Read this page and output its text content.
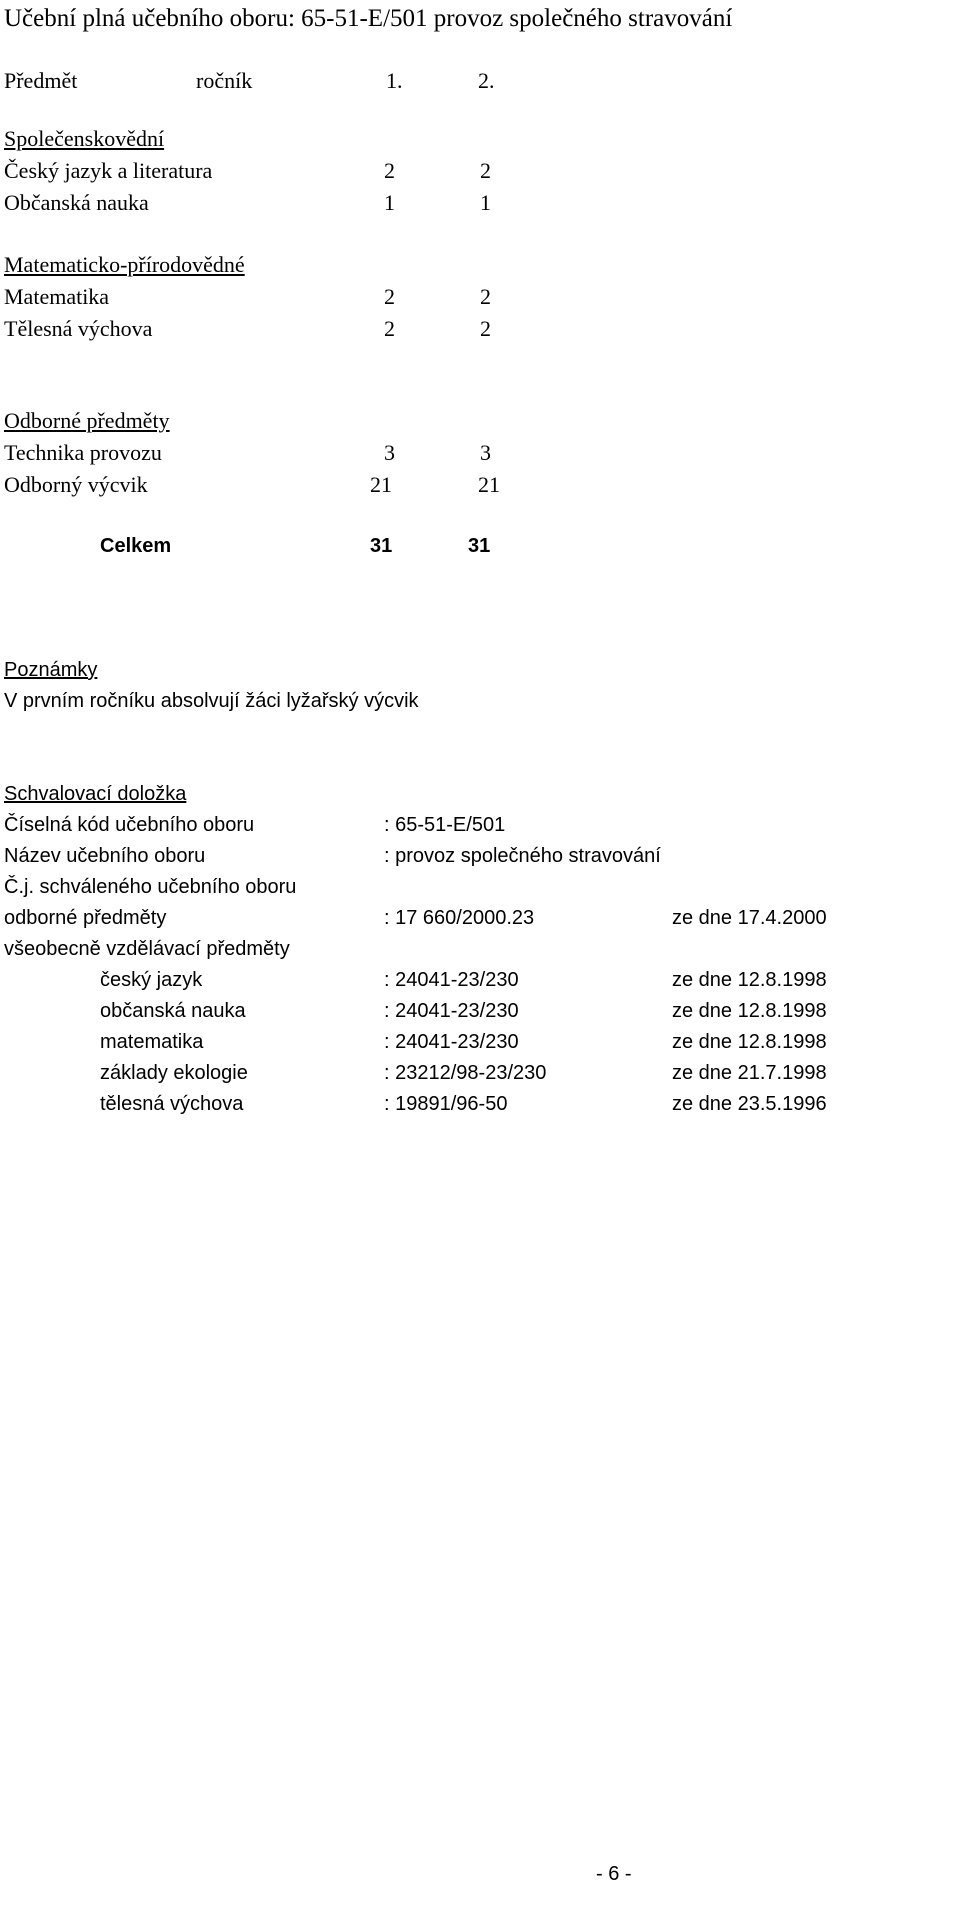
Učební plná učebního oboru: 65-51-E/501 provoz společného stravování
Předmět	ročník	1.	2.
Společenskovědní
Český jazyk a literatura	2	2
Občanská nauka	1	1
Matematicko-přírodovědné
Matematika	2	2
Tělesná výchova	2	2
Odborné předměty
Technika provozu	3	3
Odborný výcvik	21	21
Celkem	31	31
Poznámky
V prvním ročníku absolvují žáci lyžařský výcvik
Schvalovací doložka
Číselná kód učebního oboru	: 65-51-E/501
Název učebního oboru	: provoz společného stravování
Č.j. schváleného učebního oboru
odborné předměty	: 17 660/2000.23	ze dne 17.4.2000
všeobecně vzdělávací předměty
český jazyk	: 24041-23/230	ze dne 12.8.1998
občanská nauka	: 24041-23/230	ze dne 12.8.1998
matematika	: 24041-23/230	ze dne 12.8.1998
základy ekologie	: 23212/98-23/230	ze dne 21.7.1998
tělesná výchova	: 19891/96-50	ze dne 23.5.1996
- 6 -
